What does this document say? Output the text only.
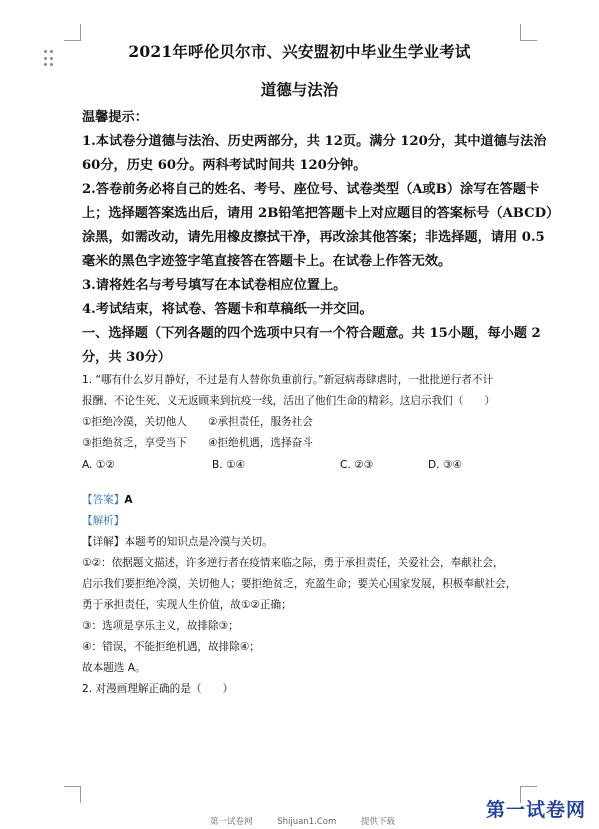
2021年呼伦贝尔市、兴安盟初中毕业生学业考试
道德与法治

温馨提示：

1.本试卷分道德与法治、历史两部分，共 12页。满分 120分，其中道德与法治

60分，历史 60分。两科考试时间共 120分钟。

2.答卷前务必将自己的姓名、考号、座位号、试卷类型（A或B）涂写在答题卡

上；选择题答案选出后，请用 2B铅笔把答题卡上对应题目的答案标号（ABCD）

涂黑，如需改动，请先用橡皮擦拭干净，再改涂其他答案；非选择题，请用 0.5

毫米的黑色字迹签字笔直接答在答题卡上。在试卷上作答无效。

3.请将姓名与考号填写在本试卷相应位置上。

4.考试结束，将试卷、答题卡和草稿纸一并交回。

一、选择题（下列各题的四个选项中只有一个符合题意。共 15小题，每小题 2

分，共 30分）

1. “哪有什么岁月静好，不过是有人替你负重前行。”新冠病毒肆虐时，一批批逆行者不计

报酬、不论生死、义无返顾来到抗疫一线，活出了他们生命的精彩。这启示我们（　　）

①拒绝冷漠，关切他人　　②承担责任，服务社会

③拒绝贫乏，享受当下　　④拒绝机遇，选择奋斗

A. ①②	B. ①④	C. ②③	D. ③④

【答案】A

【解析】

【详解】本题考的知识点是冷漠与关切。

①②：依据题文描述，许多逆行者在疫情来临之际，勇于承担责任，关爱社会，奉献社会，

启示我们要拒绝冷漠，关切他人；要拒绝贫乏，充盈生命；要关心国家发展，积极奉献社会，

勇于承担责任，实现人生价值，故①②正确；

③：选项是享乐主义，故排除③；

④：错误，不能拒绝机遇，故排除④；

故本题选 A。

2. 对漫画理解正确的是（　　）

第一试卷网	Shijuan1.Com	提供下载
第一试卷网
